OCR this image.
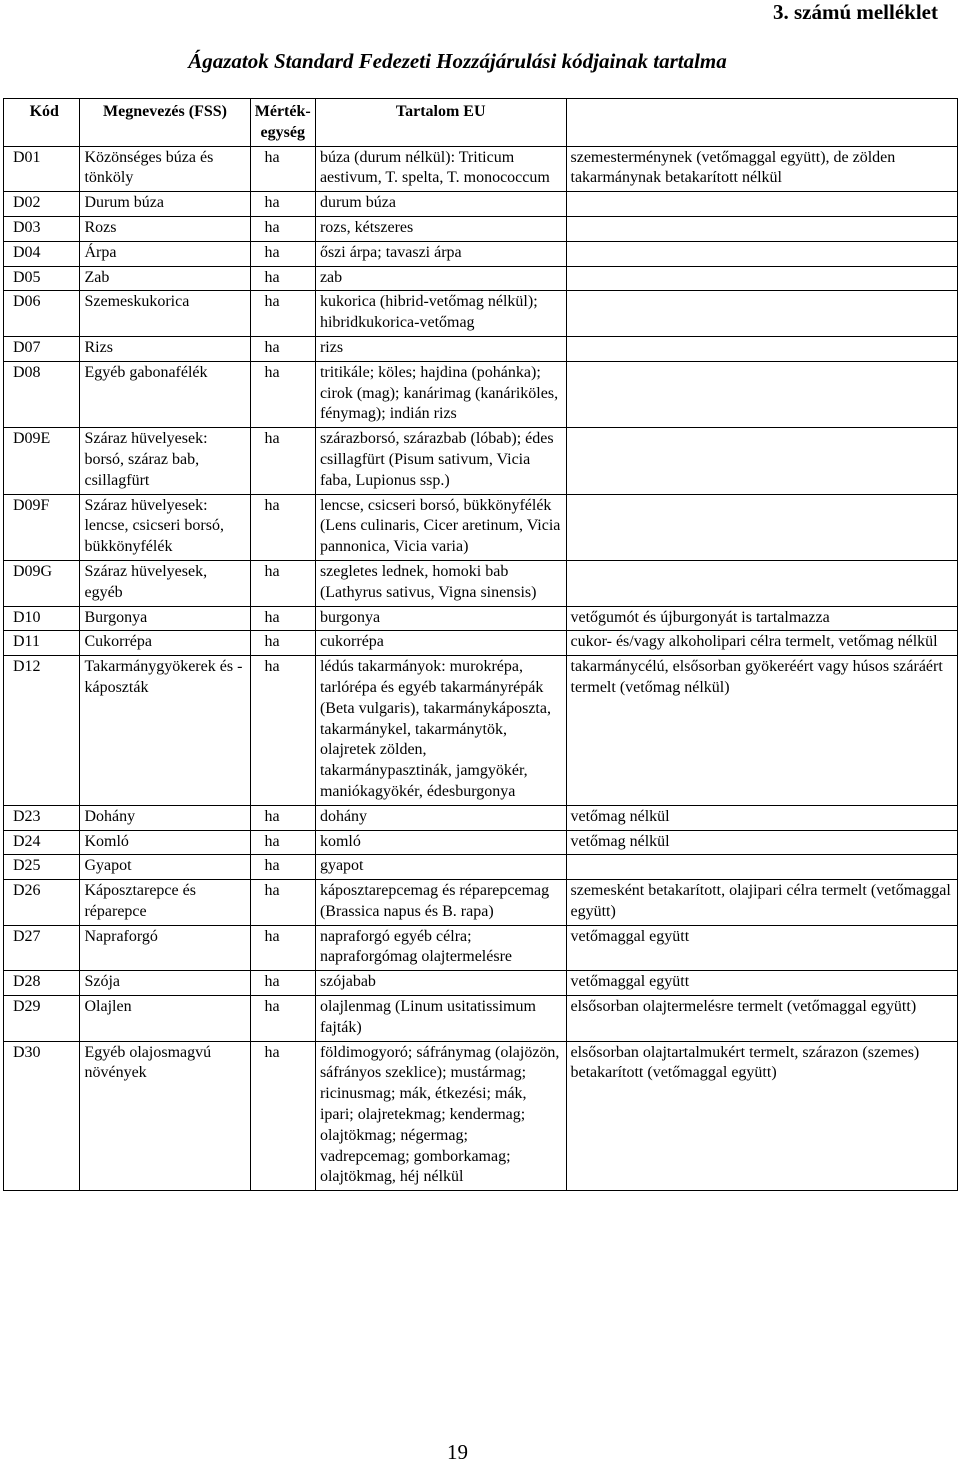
3. számú melléklet
Ágazatok Standard Fedezeti Hozzájárulási kódjainak tartalma
Kód	Megnevezés (FSS)	Mérték-egység	Tartalom EU	
D01	Közönséges búza és tönköly	ha	búza (durum nélkül): Triticum aestivum, T. spelta, T. monococcum	szemesterménynek (vetőmaggal együtt), de zölden takarmánynak betakarított nélkül
D02	Durum búza	ha	durum búza	
D03	Rozs	ha	rozs, kétszeres	
D04	Árpa	ha	őszi árpa; tavaszi árpa	
D05	Zab	ha	zab	
D06	Szemeskukorica	ha	kukorica (hibrid-vetőmag nélkül); hibridkukorica-vetőmag	
D07	Rizs	ha	rizs	
D08	Egyéb gabonafélék	ha	tritikále; köles; hajdina (pohánka); cirok (mag); kanárimag (kanáriköles, fénymag); indián rizs	
D09E	Száraz hüvelyesek: borsó, száraz bab, csillagfürt	ha	szárazborsó, szárazbab (lóbab); édes csillagfürt (Pisum sativum, Vicia faba, Lupionus ssp.)	
D09F	Száraz hüvelyesek: lencse, csicseri borsó, bükkönyfélék	ha	lencse, csicseri borsó, bükkönyfélék (Lens culinaris, Cicer aretinum, Vicia pannonica, Vicia varia)	
D09G	Száraz hüvelyesek, egyéb	ha	szegletes lednek, homoki bab (Lathyrus sativus, Vigna sinensis)	
D10	Burgonya	ha	burgonya	vetőgumót és újburgonyát is tartalmazza
D11	Cukorrépa	ha	cukorrépa	cukor- és/vagy alkoholipari célra termelt, vetőmag nélkül
D12	Takarmánygyökerek és -káposzták	ha	lédús takarmányok: murokrépa, tarlórépa és egyéb takarmányrépák (Beta vulgaris), takarmánykáposzta, takarmánykel, takarmánytök, olajretek zölden, takarmánypasztinák, jamgyökér, maniókagyökér, édesburgonya	takarmánycélú, elsősorban gyökeréért vagy húsos száráért termelt (vetőmag nélkül)
D23	Dohány	ha	dohány	vetőmag nélkül
D24	Komló	ha	komló	vetőmag nélkül
D25	Gyapot	ha	gyapot	
D26	Káposztarepce és réparepce	ha	káposztarepcemag és réparepcemag (Brassica napus és B. rapa)	szemesként betakarított, olajipari célra termelt (vetőmaggal együtt)
D27	Napraforgó	ha	napraforgó egyéb célra; napraforgómag olajtermelésre	vetőmaggal együtt
D28	Szója	ha	szójabab	vetőmaggal együtt
D29	Olajlen	ha	olajlenmag (Linum usitatissimum fajták)	elsősorban olajtermelésre termelt (vetőmaggal együtt)
D30	Egyéb olajosmagvú növények	ha	földimogyoró; sáfránymag (olajözön, sáfrányos szeklice); mustármag; ricinusmag; mák, étkezési; mák, ipari; olajretekmag; kendermag; olajtökmag; négermag; vadrepcemag; gomborkamag; olajtökmag, héj nélkül	elsősorban olajtartalmukért termelt, szárazon (szemes) betakarított (vetőmaggal együtt)
19
